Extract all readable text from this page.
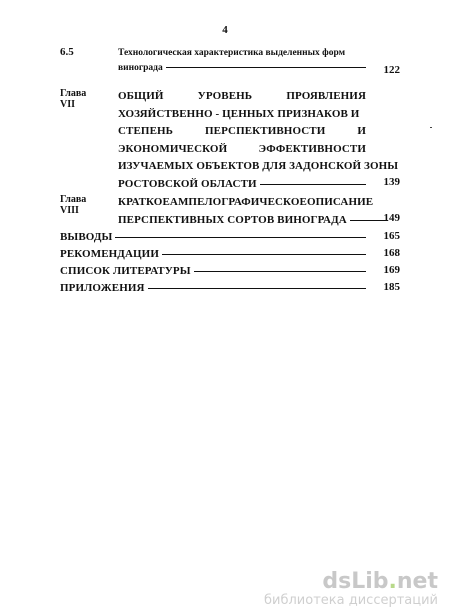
4
6.5	Технологическая характеристика выделенных форм
винограда	122
Глава VII
ОБЩИЙ	УРОВЕНЬ	ПРОЯВЛЕНИЯ
ХОЗЯЙСТВЕННО - ЦЕННЫХ ПРИЗНАКОВ И
СТЕПЕНЬ	ПЕРСПЕКТИВНОСТИ	И
ЭКОНОМИЧЕСКОЙ	ЭФФЕКТИВНОСТИ
ИЗУЧАЕМЫХ ОБЪЕКТОВ ДЛЯ ЗАДОНСКОЙ ЗОНЫ
РОСТОВСКОЙ ОБЛАСТИ	139
Глава VIII
КРАТКОЕ АМПЕЛОГРАФИЧЕСКОЕ ОПИСАНИЕ
ПЕРСПЕКТИВНЫХ СОРТОВ ВИНОГРАДА	149
ВЫВОДЫ	165
РЕКОМЕНДАЦИИ	168
СПИСОК ЛИТЕРАТУРЫ	169
ПРИЛОЖЕНИЯ	185
dsLib.net
библиотека диссертаций
